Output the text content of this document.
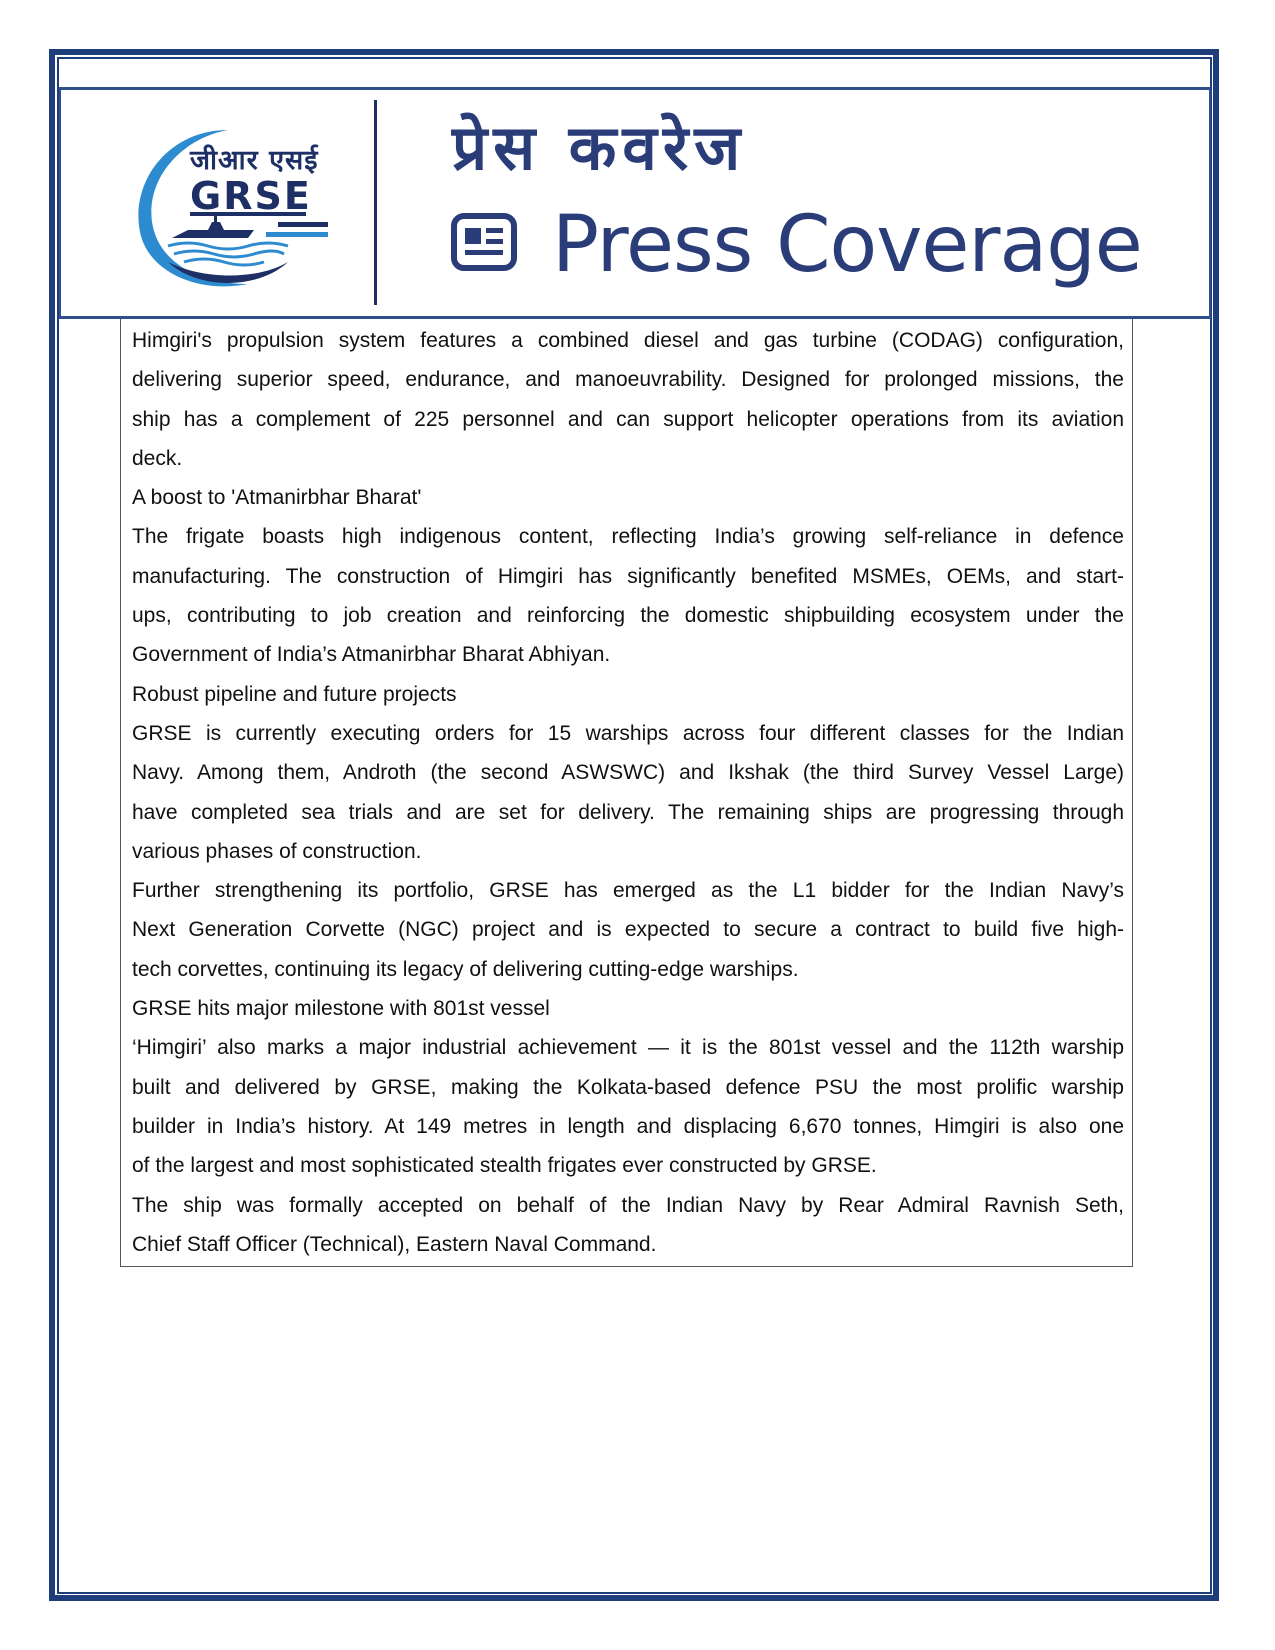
जीआर एसई
GRSE
प्रेस कवरेज
Press Coverage
Himgiri's propulsion system features a combined diesel and gas turbine (CODAG) configuration,
delivering superior speed, endurance, and manoeuvrability. Designed for prolonged missions, the
ship has a complement of 225 personnel and can support helicopter operations from its aviation
deck.
A boost to 'Atmanirbhar Bharat'
The frigate boasts high indigenous content, reflecting India’s growing self-reliance in defence
manufacturing. The construction of Himgiri has significantly benefited MSMEs, OEMs, and start-
ups, contributing to job creation and reinforcing the domestic shipbuilding ecosystem under the
Government of India’s Atmanirbhar Bharat Abhiyan.
Robust pipeline and future projects
GRSE is currently executing orders for 15 warships across four different classes for the Indian
Navy. Among them, Androth (the second ASWSWC) and Ikshak (the third Survey Vessel Large)
have completed sea trials and are set for delivery. The remaining ships are progressing through
various phases of construction.
Further strengthening its portfolio, GRSE has emerged as the L1 bidder for the Indian Navy’s
Next Generation Corvette (NGC) project and is expected to secure a contract to build five high-
tech corvettes, continuing its legacy of delivering cutting-edge warships.
GRSE hits major milestone with 801st vessel
‘Himgiri’ also marks a major industrial achievement — it is the 801st vessel and the 112th warship
built and delivered by GRSE, making the Kolkata-based defence PSU the most prolific warship
builder in India’s history. At 149 metres in length and displacing 6,670 tonnes, Himgiri is also one
of the largest and most sophisticated stealth frigates ever constructed by GRSE.
The ship was formally accepted on behalf of the Indian Navy by Rear Admiral Ravnish Seth,
Chief Staff Officer (Technical), Eastern Naval Command.
